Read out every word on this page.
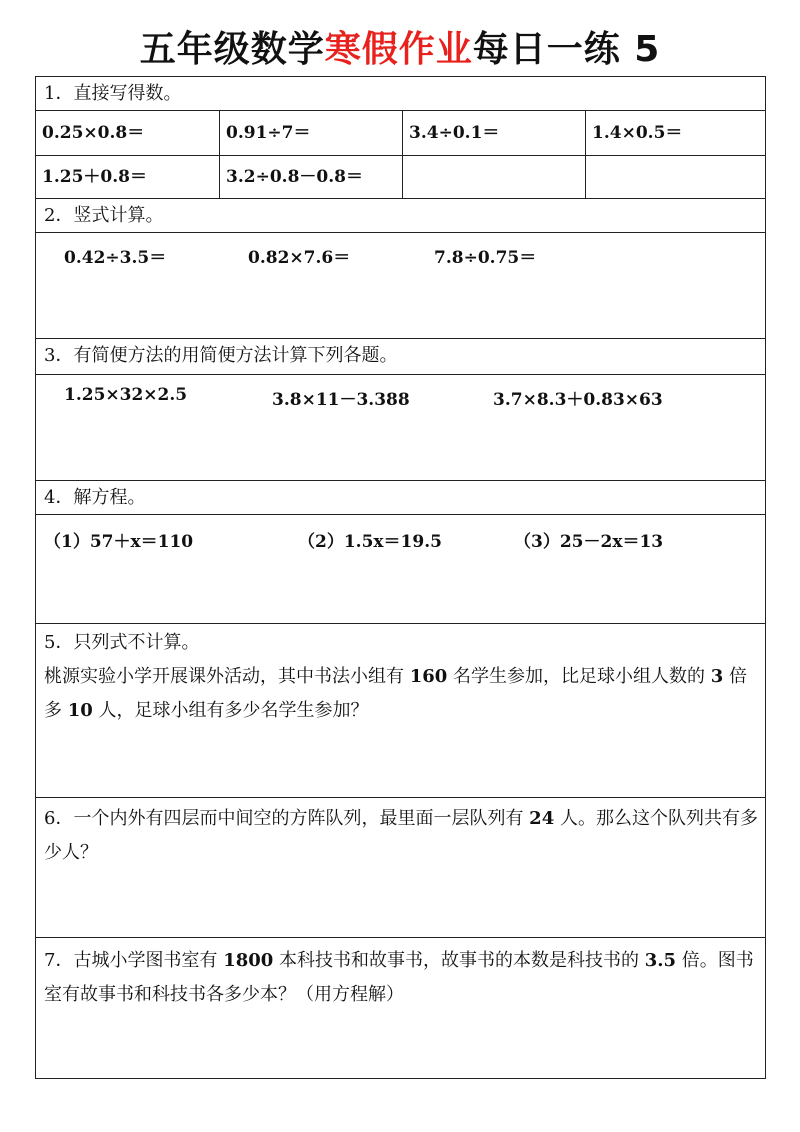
五年级数学寒假作业每日一练 5
1．直接写得数。
0.25×0.8＝	0.91÷7＝	3.4÷0.1＝	1.4×0.5＝
1.25＋0.8＝	3.2÷0.8－0.8＝
2．竖式计算。
0.42÷3.5＝	0.82×7.6＝	7.8÷0.75＝
3．有简便方法的用简便方法计算下列各题。
1.25×32×2.5	3.8×11－3.388	3.7×8.3＋0.83×63
4．解方程。
（1）57＋x＝110	（2）1.5x＝19.5	（3）25－2x＝13
5．只列式不计算。
桃源实验小学开展课外活动，其中书法小组有 160 名学生参加，比足球小组人数的 3 倍多 10 人，足球小组有多少名学生参加？
6．一个内外有四层而中间空的方阵队列，最里面一层队列有 24 人。那么这个队列共有多少人？
7．古城小学图书室有 1800 本科技书和故事书，故事书的本数是科技书的 3.5 倍。图书室有故事书和科技书各多少本？（用方程解）
